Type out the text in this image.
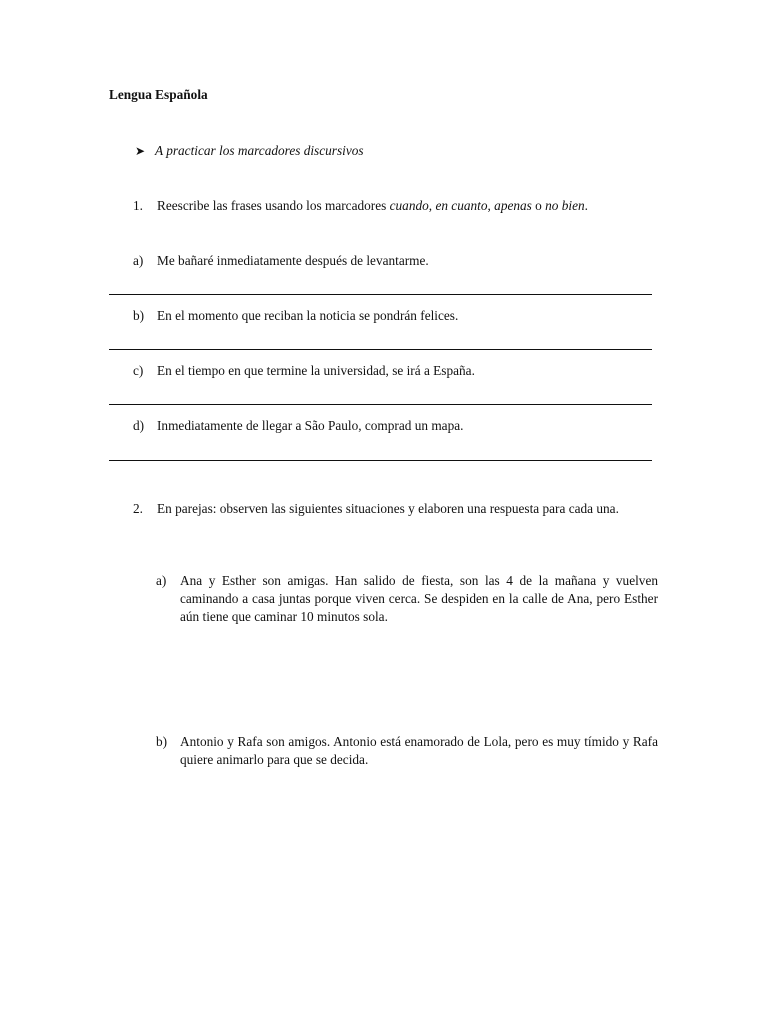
Lengua Española
➤ A practicar los marcadores discursivos
1.	Reescribe las frases usando los marcadores cuando, en cuanto, apenas o no bien.
a)	Me bañaré inmediatamente después de levantarme.
b) En el momento que reciban la noticia se pondrán felices.
c)	En el tiempo en que termine la universidad, se irá a España.
d) Inmediatamente de llegar a São Paulo, comprad un mapa.
2.	En parejas: observen las siguientes situaciones y elaboren una respuesta para cada una.
a)	Ana y Esther son amigas. Han salido de fiesta, son las 4 de la mañana y vuelven caminando a casa juntas porque viven cerca. Se despiden en la calle de Ana, pero Esther aún tiene que caminar 10 minutos sola.
b) Antonio y Rafa son amigos. Antonio está enamorado de Lola, pero es muy tímido y Rafa quiere animarlo para que se decida.
